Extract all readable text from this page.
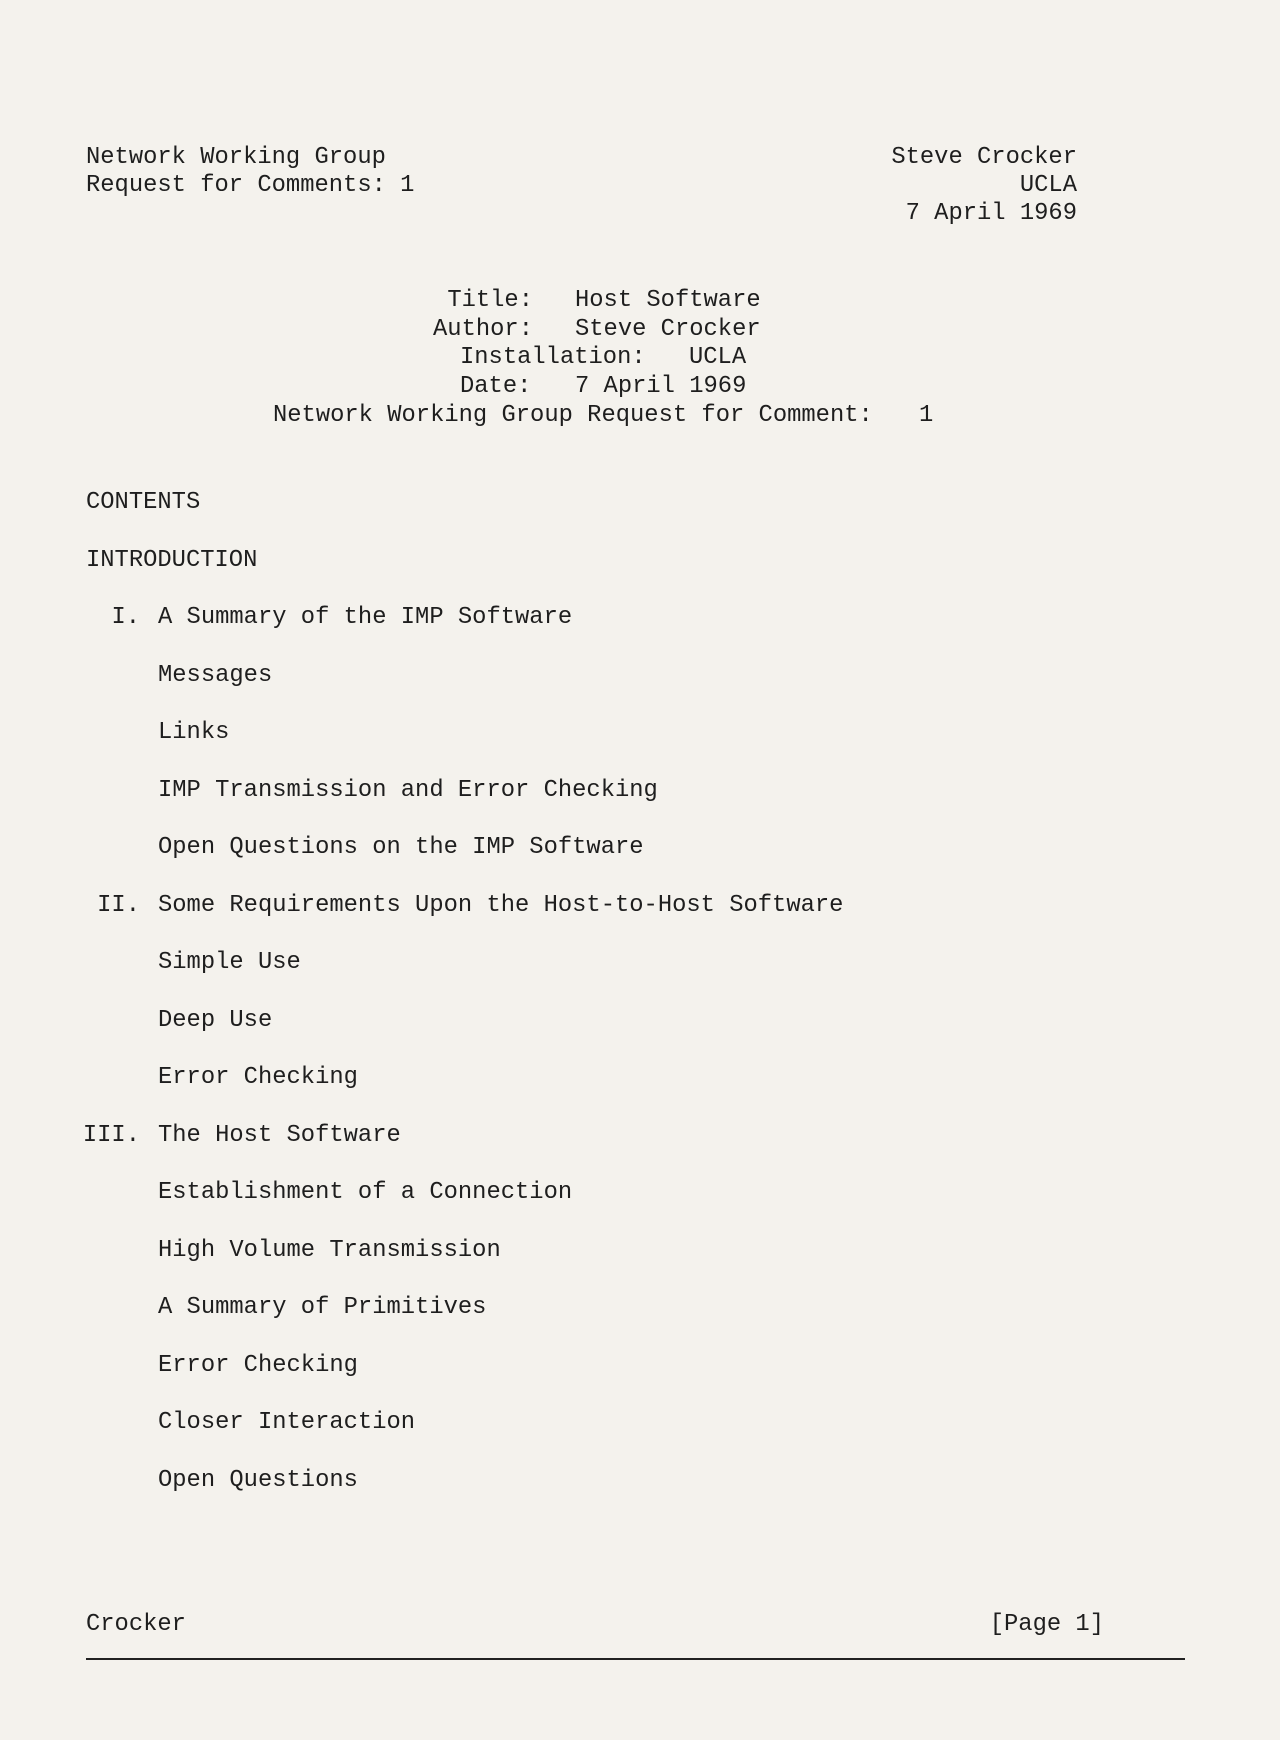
Network Working Group
Request for Comments: 1
Steve Crocker
UCLA
7 April 1969
Title: Host Software
Author: Steve Crocker
Installation: UCLA
Date: 7 April 1969
Network Working Group Request for Comment: 1
CONTENTS
INTRODUCTION
I. A Summary of the IMP Software
Messages
Links
IMP Transmission and Error Checking
Open Questions on the IMP Software
II. Some Requirements Upon the Host-to-Host Software
Simple Use
Deep Use
Error Checking
III. The Host Software
Establishment of a Connection
High Volume Transmission
A Summary of Primitives
Error Checking
Closer Interaction
Open Questions
Crocker	[Page 1]
